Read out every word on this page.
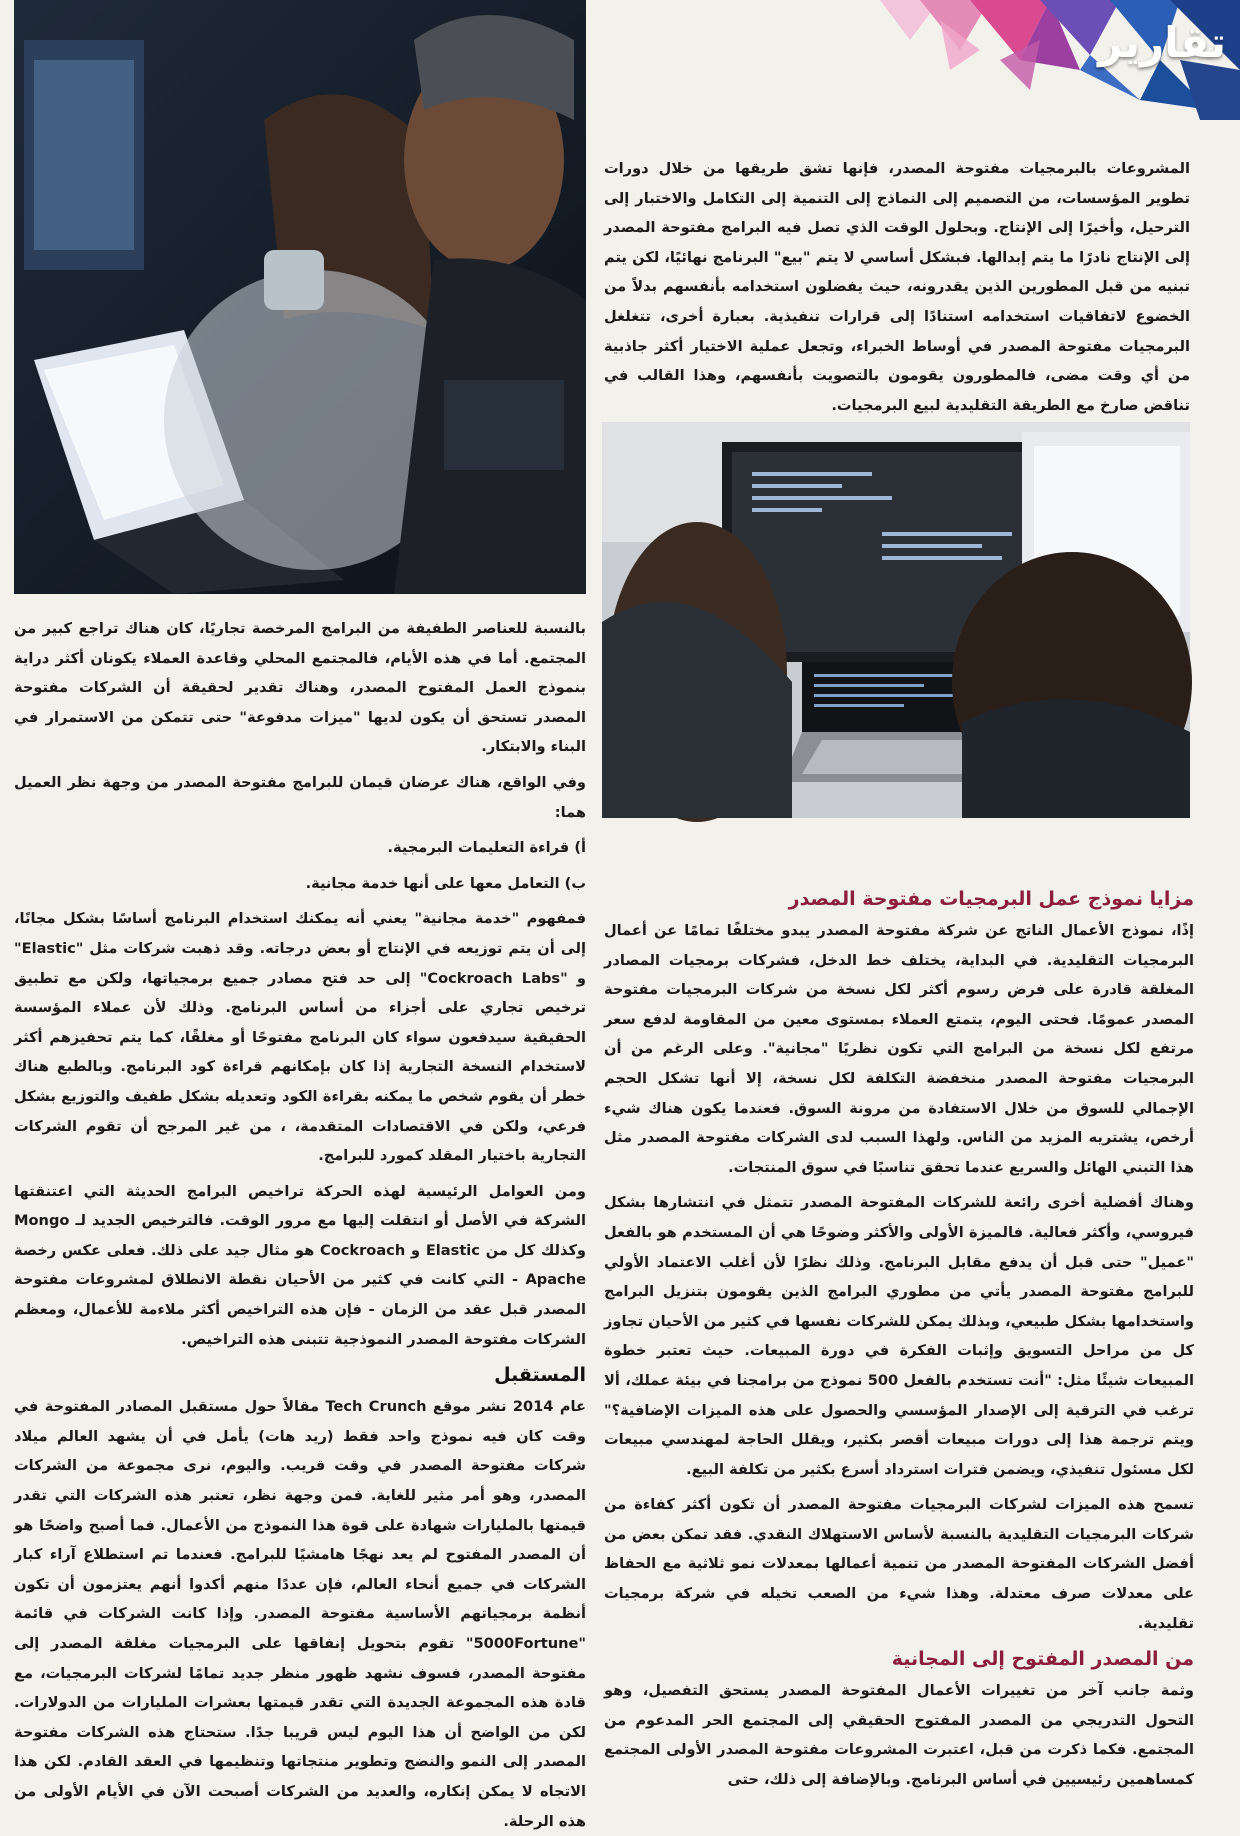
تقارير

المشروعات بالبرمجيات مفتوحة المصدر، فإنها تشق طريقها من خلال دورات تطوير المؤسسات، من التصميم إلى النماذج إلى التنمية إلى التكامل والاختبار إلى الترحيل، وأخيرًا إلى الإنتاج. وبحلول الوقت الذي تصل فيه البرامج مفتوحة المصدر إلى الإنتاج نادرًا ما يتم إبدالها. فبشكل أساسي لا يتم "بيع" البرنامج نهائيًا، لكن يتم تبنيه من قبل المطورين الذين يقدرونه، حيث يفضلون استخدامه بأنفسهم بدلاً من الخضوع لاتفاقيات استخدامه استنادًا إلى قرارات تنفيذية. بعبارة أخرى، تتغلغل البرمجيات مفتوحة المصدر في أوساط الخبراء، وتجعل عملية الاختيار أكثر جاذبية من أي وقت مضى، فالمطورون يقومون بالتصويت بأنفسهم، وهذا القالب في تناقض صارخ مع الطريقة التقليدية لبيع البرمجيات.

مزايا نموذج عمل البرمجيات مفتوحة المصدر

إذًا، نموذج الأعمال الناتج عن شركة مفتوحة المصدر يبدو مختلفًا تمامًا عن أعمال البرمجيات التقليدية. في البداية، يختلف خط الدخل، فشركات برمجيات المصادر المغلقة قادرة على فرض رسوم أكثر لكل نسخة من شركات البرمجيات مفتوحة المصدر عمومًا. فحتى اليوم، يتمتع العملاء بمستوى معين من المقاومة لدفع سعر مرتفع لكل نسخة من البرامج التي تكون نظريًا "مجانية". وعلى الرغم من أن البرمجيات مفتوحة المصدر منخفضة التكلفة لكل نسخة، إلا أنها تشكل الحجم الإجمالي للسوق من خلال الاستفادة من مرونة السوق. فعندما يكون هناك شيء أرخص، يشتريه المزيد من الناس. ولهذا السبب لدى الشركات مفتوحة المصدر مثل هذا التبني الهائل والسريع عندما تحقق تناسبًا في سوق المنتجات.

وهناك أفضلية أخرى رائعة للشركات المفتوحة المصدر تتمثل في انتشارها بشكل فيروسي، وأكثر فعالية. فالميزة الأولى والأكثر وضوحًا هي أن المستخدم هو بالفعل "عميل" حتى قبل أن يدفع مقابل البرنامج. وذلك نظرًا لأن أغلب الاعتماد الأولي للبرامج مفتوحة المصدر يأتي من مطوري البرامج الذين يقومون بتنزيل البرامج واستخدامها بشكل طبيعي، وبذلك يمكن للشركات نفسها في كثير من الأحيان تجاوز كل من مراحل التسويق وإثبات الفكرة في دورة المبيعات. حيث تعتبر خطوة المبيعات شيئًا مثل: "أنت تستخدم بالفعل 500 نموذج من برامجنا في بيئة عملك، ألا ترغب في الترقية إلى الإصدار المؤسسي والحصول على هذه الميزات الإضافية؟" ويتم ترجمة هذا إلى دورات مبيعات أقصر بكثير، ويقلل الحاجة لمهندسي مبيعات لكل مسئول تنفيذي، ويضمن فترات استرداد أسرع بكثير من تكلفة البيع.

تسمح هذه الميزات لشركات البرمجيات مفتوحة المصدر أن تكون أكثر كفاءة من شركات البرمجيات التقليدية بالنسبة لأساس الاستهلاك النقدي. فقد تمكن بعض من أفضل الشركات المفتوحة المصدر من تنمية أعمالها بمعدلات نمو ثلاثية مع الحفاظ على معدلات صرف معتدلة. وهذا شيء من الصعب تخيله في شركة برمجيات تقليدية.

من المصدر المفتوح إلى المجانية

وثمة جانب آخر من تغييرات الأعمال المفتوحة المصدر يستحق التفصيل، وهو التحول التدريجي من المصدر المفتوح الحقيقي إلى المجتمع الحر المدعوم من المجتمع. فكما ذكرت من قبل، اعتبرت المشروعات مفتوحة المصدر الأولى المجتمع كمساهمين رئيسيين في أساس البرنامج. وبالإضافة إلى ذلك، حتى

بالنسبة للعناصر الطفيفة من البرامج المرخصة تجاريًا، كان هناك تراجع كبير من المجتمع. أما في هذه الأيام، فالمجتمع المحلي وقاعدة العملاء يكونان أكثر دراية بنموذج العمل المفتوح المصدر، وهناك تقدير لحقيقة أن الشركات مفتوحة المصدر تستحق أن يكون لديها "ميزات مدفوعة" حتى تتمكن من الاستمرار في البناء والابتكار.

وفي الواقع، هناك عرضان قيمان للبرامج مفتوحة المصدر من وجهة نظر العميل هما:

أ) قراءة التعليمات البرمجية.

ب) التعامل معها على أنها خدمة مجانية.

فمفهوم "خدمة مجانية" يعني أنه يمكنك استخدام البرنامج أساسًا بشكل مجانًا، إلى أن يتم توزيعه في الإنتاج أو بعض درجاته. وقد ذهبت شركات مثل "Elastic" و "Cockroach Labs" إلى حد فتح مصادر جميع برمجياتها، ولكن مع تطبيق ترخيص تجاري على أجزاء من أساس البرنامج. وذلك لأن عملاء المؤسسة الحقيقية سيدفعون سواء كان البرنامج مفتوحًا أو مغلقًا، كما يتم تحفيزهم أكثر لاستخدام النسخة التجارية إذا كان بإمكانهم قراءة كود البرنامج. وبالطبع هناك خطر أن يقوم شخص ما يمكنه بقراءة الكود وتعديله بشكل طفيف والتوزيع بشكل فرعي، ولكن في الاقتصادات المتقدمة، ، من غير المرجح أن تقوم الشركات التجارية باختيار المقلد كمورد للبرامج.

ومن العوامل الرئيسية لهذه الحركة تراخيص البرامج الحديثة التي اعتنقتها الشركة في الأصل أو انتقلت إليها مع مرور الوقت. فالترخيص الجديد لـ Mongo وكذلك كل من Elastic و Cockroach هو مثال جيد على ذلك. فعلى عكس رخصة Apache - التي كانت في كثير من الأحيان نقطة الانطلاق لمشروعات مفتوحة المصدر قبل عقد من الزمان - فإن هذه التراخيص أكثر ملاءمة للأعمال، ومعظم الشركات مفتوحة المصدر النموذجية تتبنى هذه التراخيص.

المستقبل

عام 2014 نشر موقع Tech Crunch مقالاً حول مستقبل المصادر المفتوحة في وقت كان فيه نموذج واحد فقط (ريد هات) يأمل في أن يشهد العالم ميلاد شركات مفتوحة المصدر في وقت قريب. واليوم، نرى مجموعة من الشركات المصدر، وهو أمر مثير للغاية. فمن وجهة نظر، تعتبر هذه الشركات التي تقدر قيمتها بالمليارات شهادة على قوة هذا النموذج من الأعمال. فما أصبح واضحًا هو أن المصدر المفتوح لم يعد نهجًا هامشيًا للبرامج. فعندما تم استطلاع آراء كبار الشركات في جميع أنحاء العالم، فإن عددًا منهم أكدوا أنهم يعتزمون أن تكون أنظمة برمجياتهم الأساسية مفتوحة المصدر. وإذا كانت الشركات في قائمة "5000Fortune" تقوم بتحويل إنفاقها على البرمجيات مغلقة المصدر إلى مفتوحة المصدر، فسوف نشهد ظهور منظر جديد تمامًا لشركات البرمجيات، مع قادة هذه المجموعة الجديدة التي تقدر قيمتها بعشرات المليارات من الدولارات. لكن من الواضح أن هذا اليوم ليس قريبا جدًا. ستحتاج هذه الشركات مفتوحة المصدر إلى النمو والنضج وتطوير منتجاتها وتنظيمها في العقد القادم. لكن هذا الاتجاه لا يمكن إنكاره، والعديد من الشركات أصبحت الآن في الأيام الأولى من هذه الرحلة.
